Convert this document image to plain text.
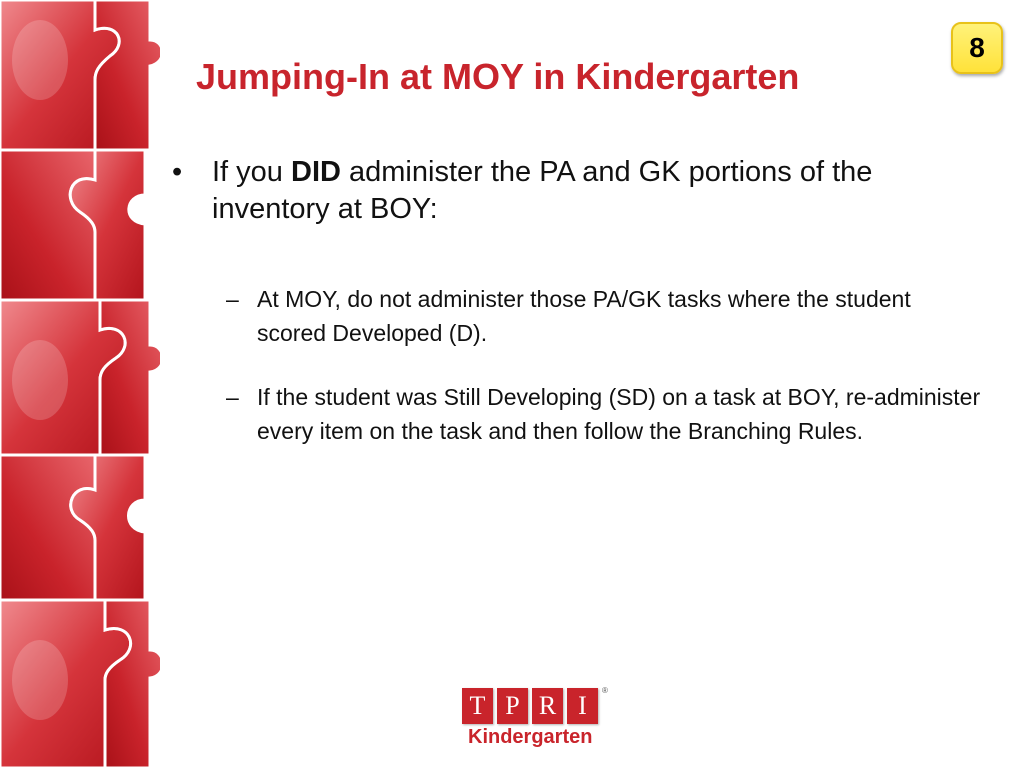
8
Jumping-In at MOY in Kindergarten
• If you DID administer the PA and GK portions of the inventory at BOY:
– At MOY, do not administer those PA/GK tasks where the student scored Developed (D).
– If the student was Still Developing (SD) on a task at BOY, re-administer every item on the task and then follow the Branching Rules.
T P R I
®
Kindergarten
